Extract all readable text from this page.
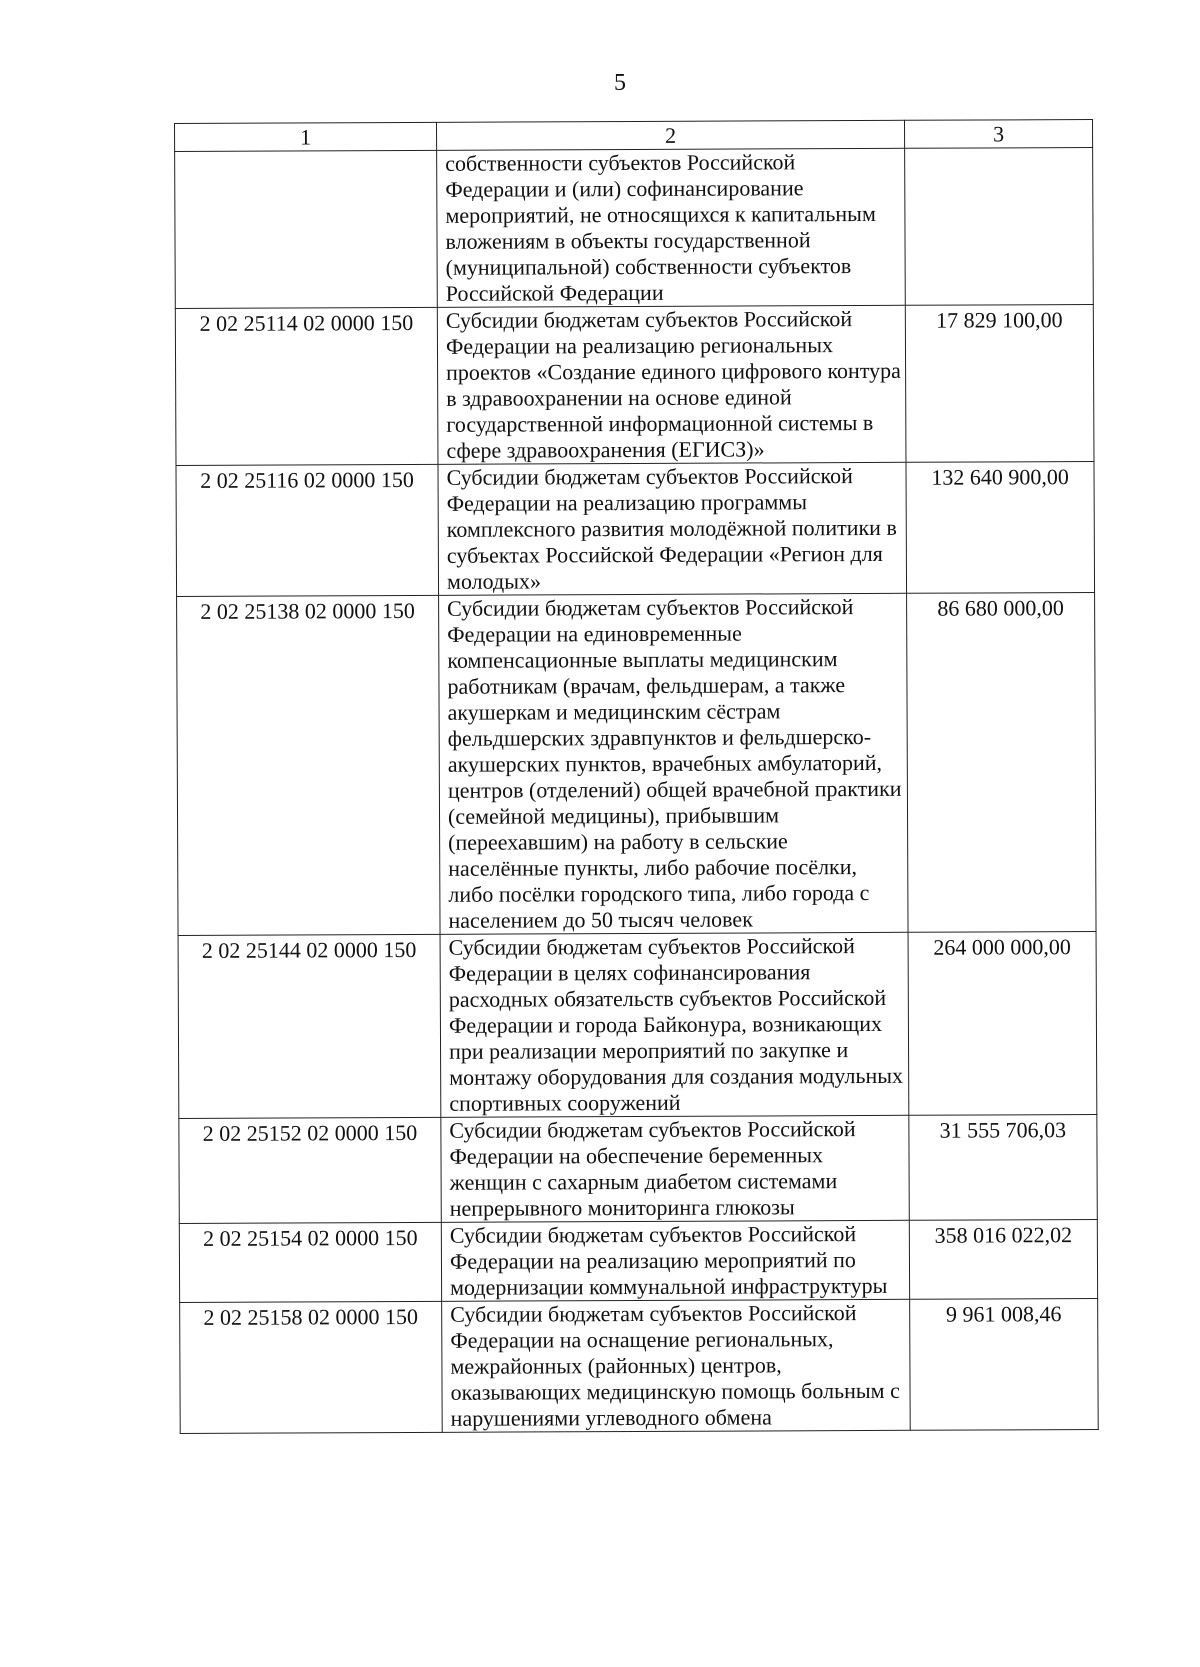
5
1	2	3
	собственности субъектов Российской Федерации и (или) софинансирование мероприятий, не относящихся к капитальным вложениям в объекты государственной (муниципальной) собственности субъектов Российской Федерации	
2 02 25114 02 0000 150	Субсидии бюджетам субъектов Российской Федерации на реализацию региональных проектов «Создание единого цифрового контура в здравоохранении на основе единой государственной информационной системы в сфере здравоохранения (ЕГИСЗ)»	17 829 100,00
2 02 25116 02 0000 150	Субсидии бюджетам субъектов Российской Федерации на реализацию программы комплексного развития молодёжной политики в субъектах Российской Федерации «Регион для молодых»	132 640 900,00
2 02 25138 02 0000 150	Субсидии бюджетам субъектов Российской Федерации на единовременные компенсационные выплаты медицинским работникам (врачам, фельдшерам, а также акушеркам и медицинским сёстрам фельдшерских здравпунктов и фельдшерско-акушерских пунктов, врачебных амбулаторий, центров (отделений) общей врачебной практики (семейной медицины), прибывшим (переехавшим) на работу в сельские населённые пункты, либо рабочие посёлки, либо посёлки городского типа, либо города с населением до 50 тысяч человек	86 680 000,00
2 02 25144 02 0000 150	Субсидии бюджетам субъектов Российской Федерации в целях софинансирования расходных обязательств субъектов Российской Федерации и города Байконура, возникающих при реализации мероприятий по закупке и монтажу оборудования для создания модульных спортивных сооружений	264 000 000,00
2 02 25152 02 0000 150	Субсидии бюджетам субъектов Российской Федерации на обеспечение беременных женщин с сахарным диабетом системами непрерывного мониторинга глюкозы	31 555 706,03
2 02 25154 02 0000 150	Субсидии бюджетам субъектов Российской Федерации на реализацию мероприятий по модернизации коммунальной инфраструктуры	358 016 022,02
2 02 25158 02 0000 150	Субсидии бюджетам субъектов Российской Федерации на оснащение региональных, межрайонных (районных) центров, оказывающих медицинскую помощь больным с нарушениями углеводного обмена	9 961 008,46
